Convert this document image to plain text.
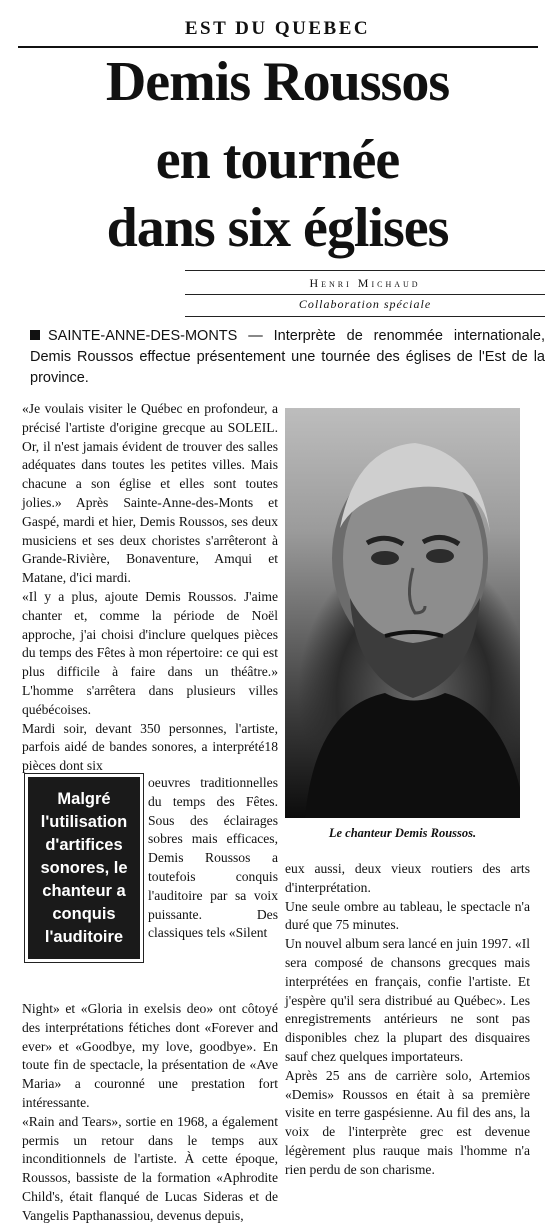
EST DU QUEBEC
Demis Roussos
en tournée
dans six églises
Henri Michaud
Collaboration spéciale
SAINTE-ANNE-DES-MONTS — Interprète de renommée internationale, Demis Roussos effectue présentement une tournée des églises de l'Est de la province.

«Je voulais visiter le Québec en profondeur, a précisé l'artiste d'origine grecque au SOLEIL. Or, il n'est jamais évident de trouver des salles adéquates dans toutes les petites villes. Mais chacune a son église et elles sont toutes jolies.» Après Sainte-Anne-des-Monts et Gaspé, mardi et hier, Demis Roussos, ses deux musiciens et ses deux choristes s'arrêteront à Grande-Rivière, Bonaventure, Amqui et Matane, d'ici mardi.

«Il y a plus, ajoute Demis Roussos. J'aime chanter et, comme la période de Noël approche, j'ai choisi d'inclure quelques pièces du temps des Fêtes à mon répertoire: ce qui est plus difficile à faire dans un théâtre.» L'homme s'arrêtera dans plusieurs villes québécoises.

Mardi soir, devant 350 personnes, l'artiste, parfois aidé de bandes sonores, a interprété18 pièces dont six

Malgré l'utilisation d'artifices sonores, le chanteur a conquis l'auditoire

oeuvres traditionnelles du temps des Fêtes. Sous des éclairages sobres mais efficaces, Demis Roussos a toutefois conquis l'auditoire par sa voix puissante. Des classiques tels «Silent

Night» et «Gloria in exelsis deo» ont côtoyé des interprétations fétiches dont «Forever and ever» et «Goodbye, my love, goodbye». En toute fin de spectacle, la présentation de «Ave Maria» a couronné une prestation fort intéressante.

«Rain and Tears», sortie en 1968, a également permis un retour dans le temps aux inconditionnels de l'artiste. À cette époque, Roussos, bassiste de la formation «Aphrodite Child's, était flanqué de Lucas Sideras et de Vangelis Papthanassiou, devenus depuis,

Le chanteur Demis Roussos.

eux aussi, deux vieux routiers des arts d'interprétation.

Une seule ombre au tableau, le spectacle n'a duré que 75 minutes.

Un nouvel album sera lancé en juin 1997. «Il sera composé de chansons grecques mais interprétées en français, confie l'artiste. Et j'espère qu'il sera distribué au Québec». Les enregistrements antérieurs ne sont pas disponibles chez la plupart des disquaires sauf chez quelques importateurs.

Après 25 ans de carrière solo, Artemios «Demis» Roussos en était à sa première visite en terre gaspésienne. Au fil des ans, la voix de l'interprète grec est devenue légèrement plus rauque mais l'homme n'a rien perdu de son charisme.
